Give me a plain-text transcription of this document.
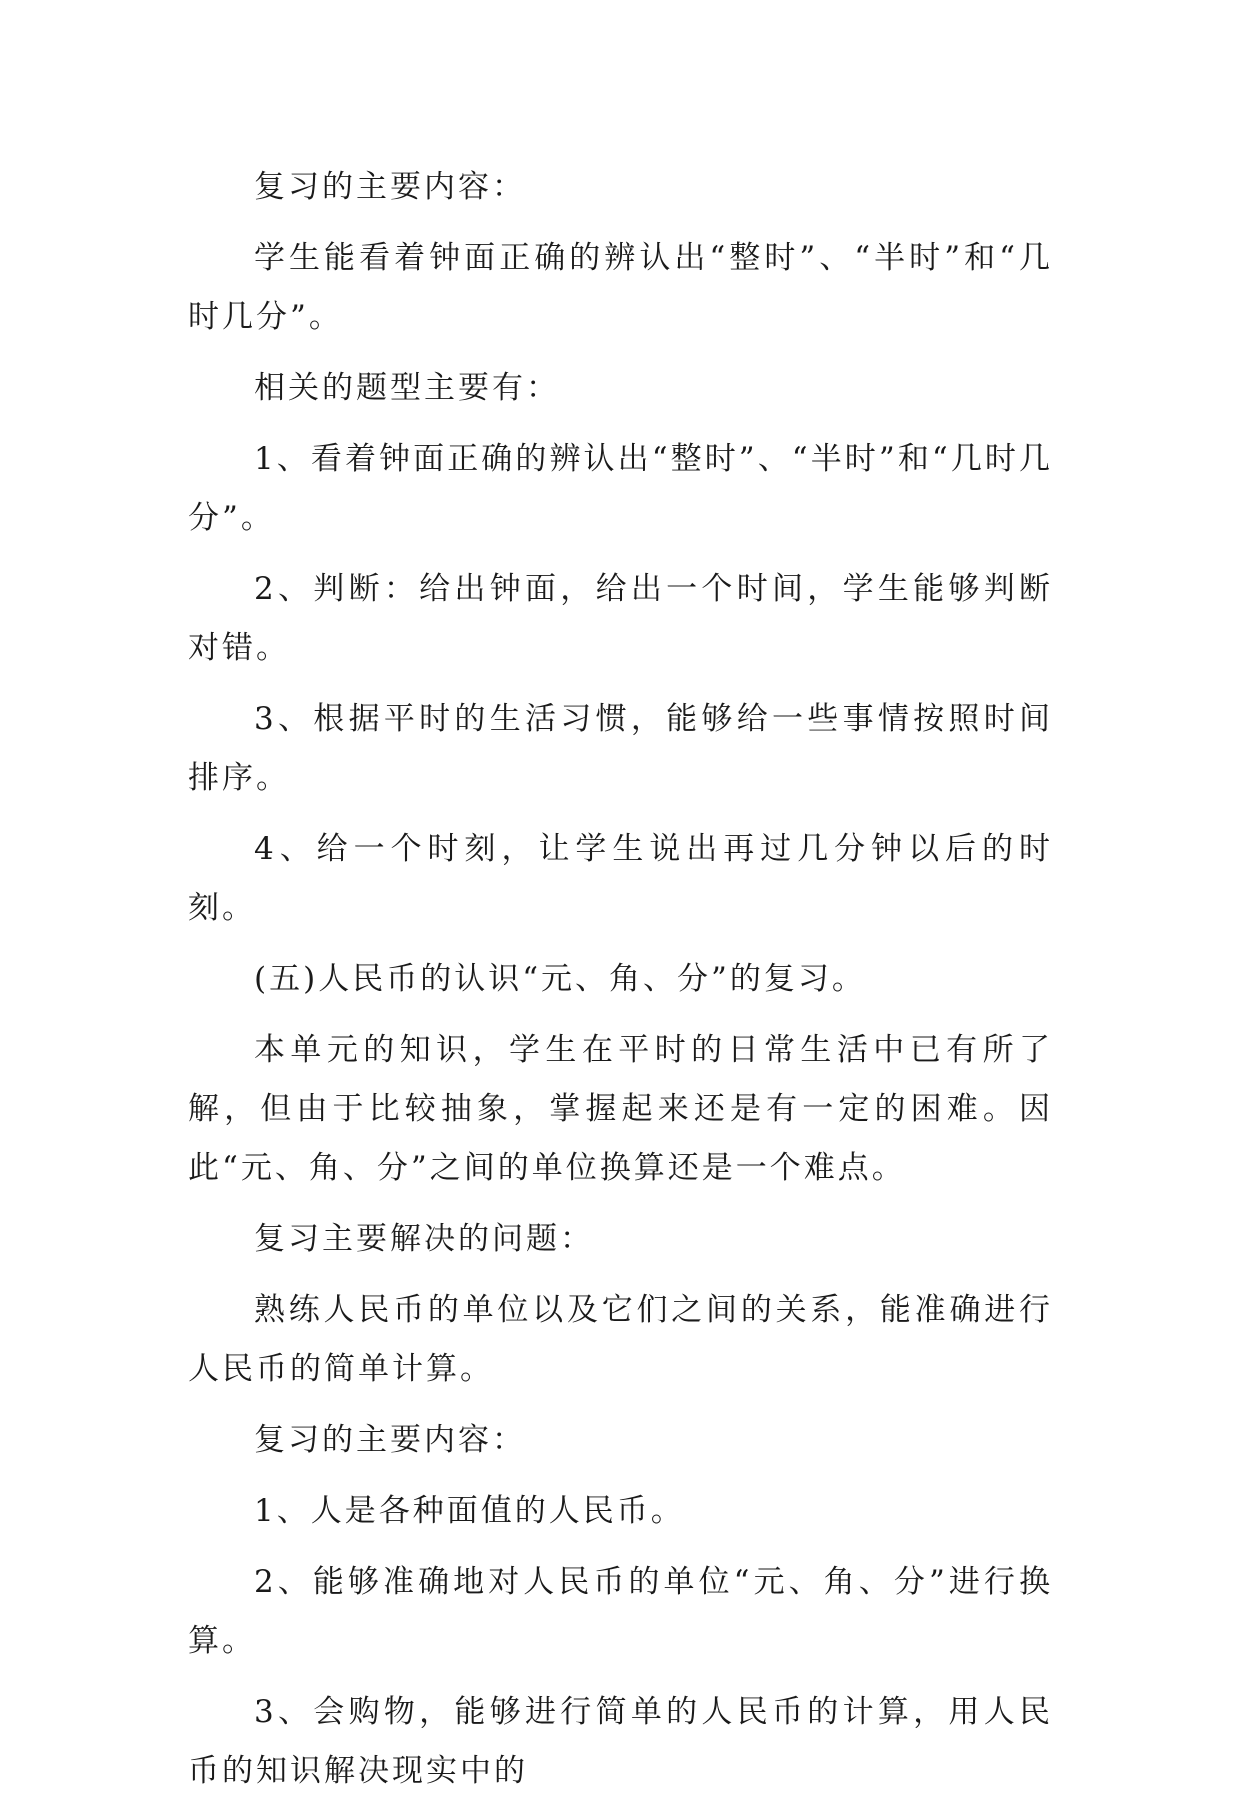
复习的主要内容：

学生能看着钟面正确的辨认出“整时”、“半时”和“几时几分”。

相关的题型主要有：

1、看着钟面正确的辨认出“整时”、“半时”和“几时几分”。

2、判断：给出钟面，给出一个时间，学生能够判断对错。

3、根据平时的生活习惯，能够给一些事情按照时间排序。

4、给一个时刻，让学生说出再过几分钟以后的时刻。

(五)人民币的认识“元、角、分”的复习。

本单元的知识，学生在平时的日常生活中已有所了解，但由于比较抽象，掌握起来还是有一定的困难。因此“元、角、分”之间的单位换算还是一个难点。

复习主要解决的问题：

熟练人民币的单位以及它们之间的关系，能准确进行人民币的简单计算。

复习的主要内容：

1、人是各种面值的人民币。

2、能够准确地对人民币的单位“元、角、分”进行换算。

3、会购物，能够进行简单的人民币的计算，用人民币的知识解决现实中的
